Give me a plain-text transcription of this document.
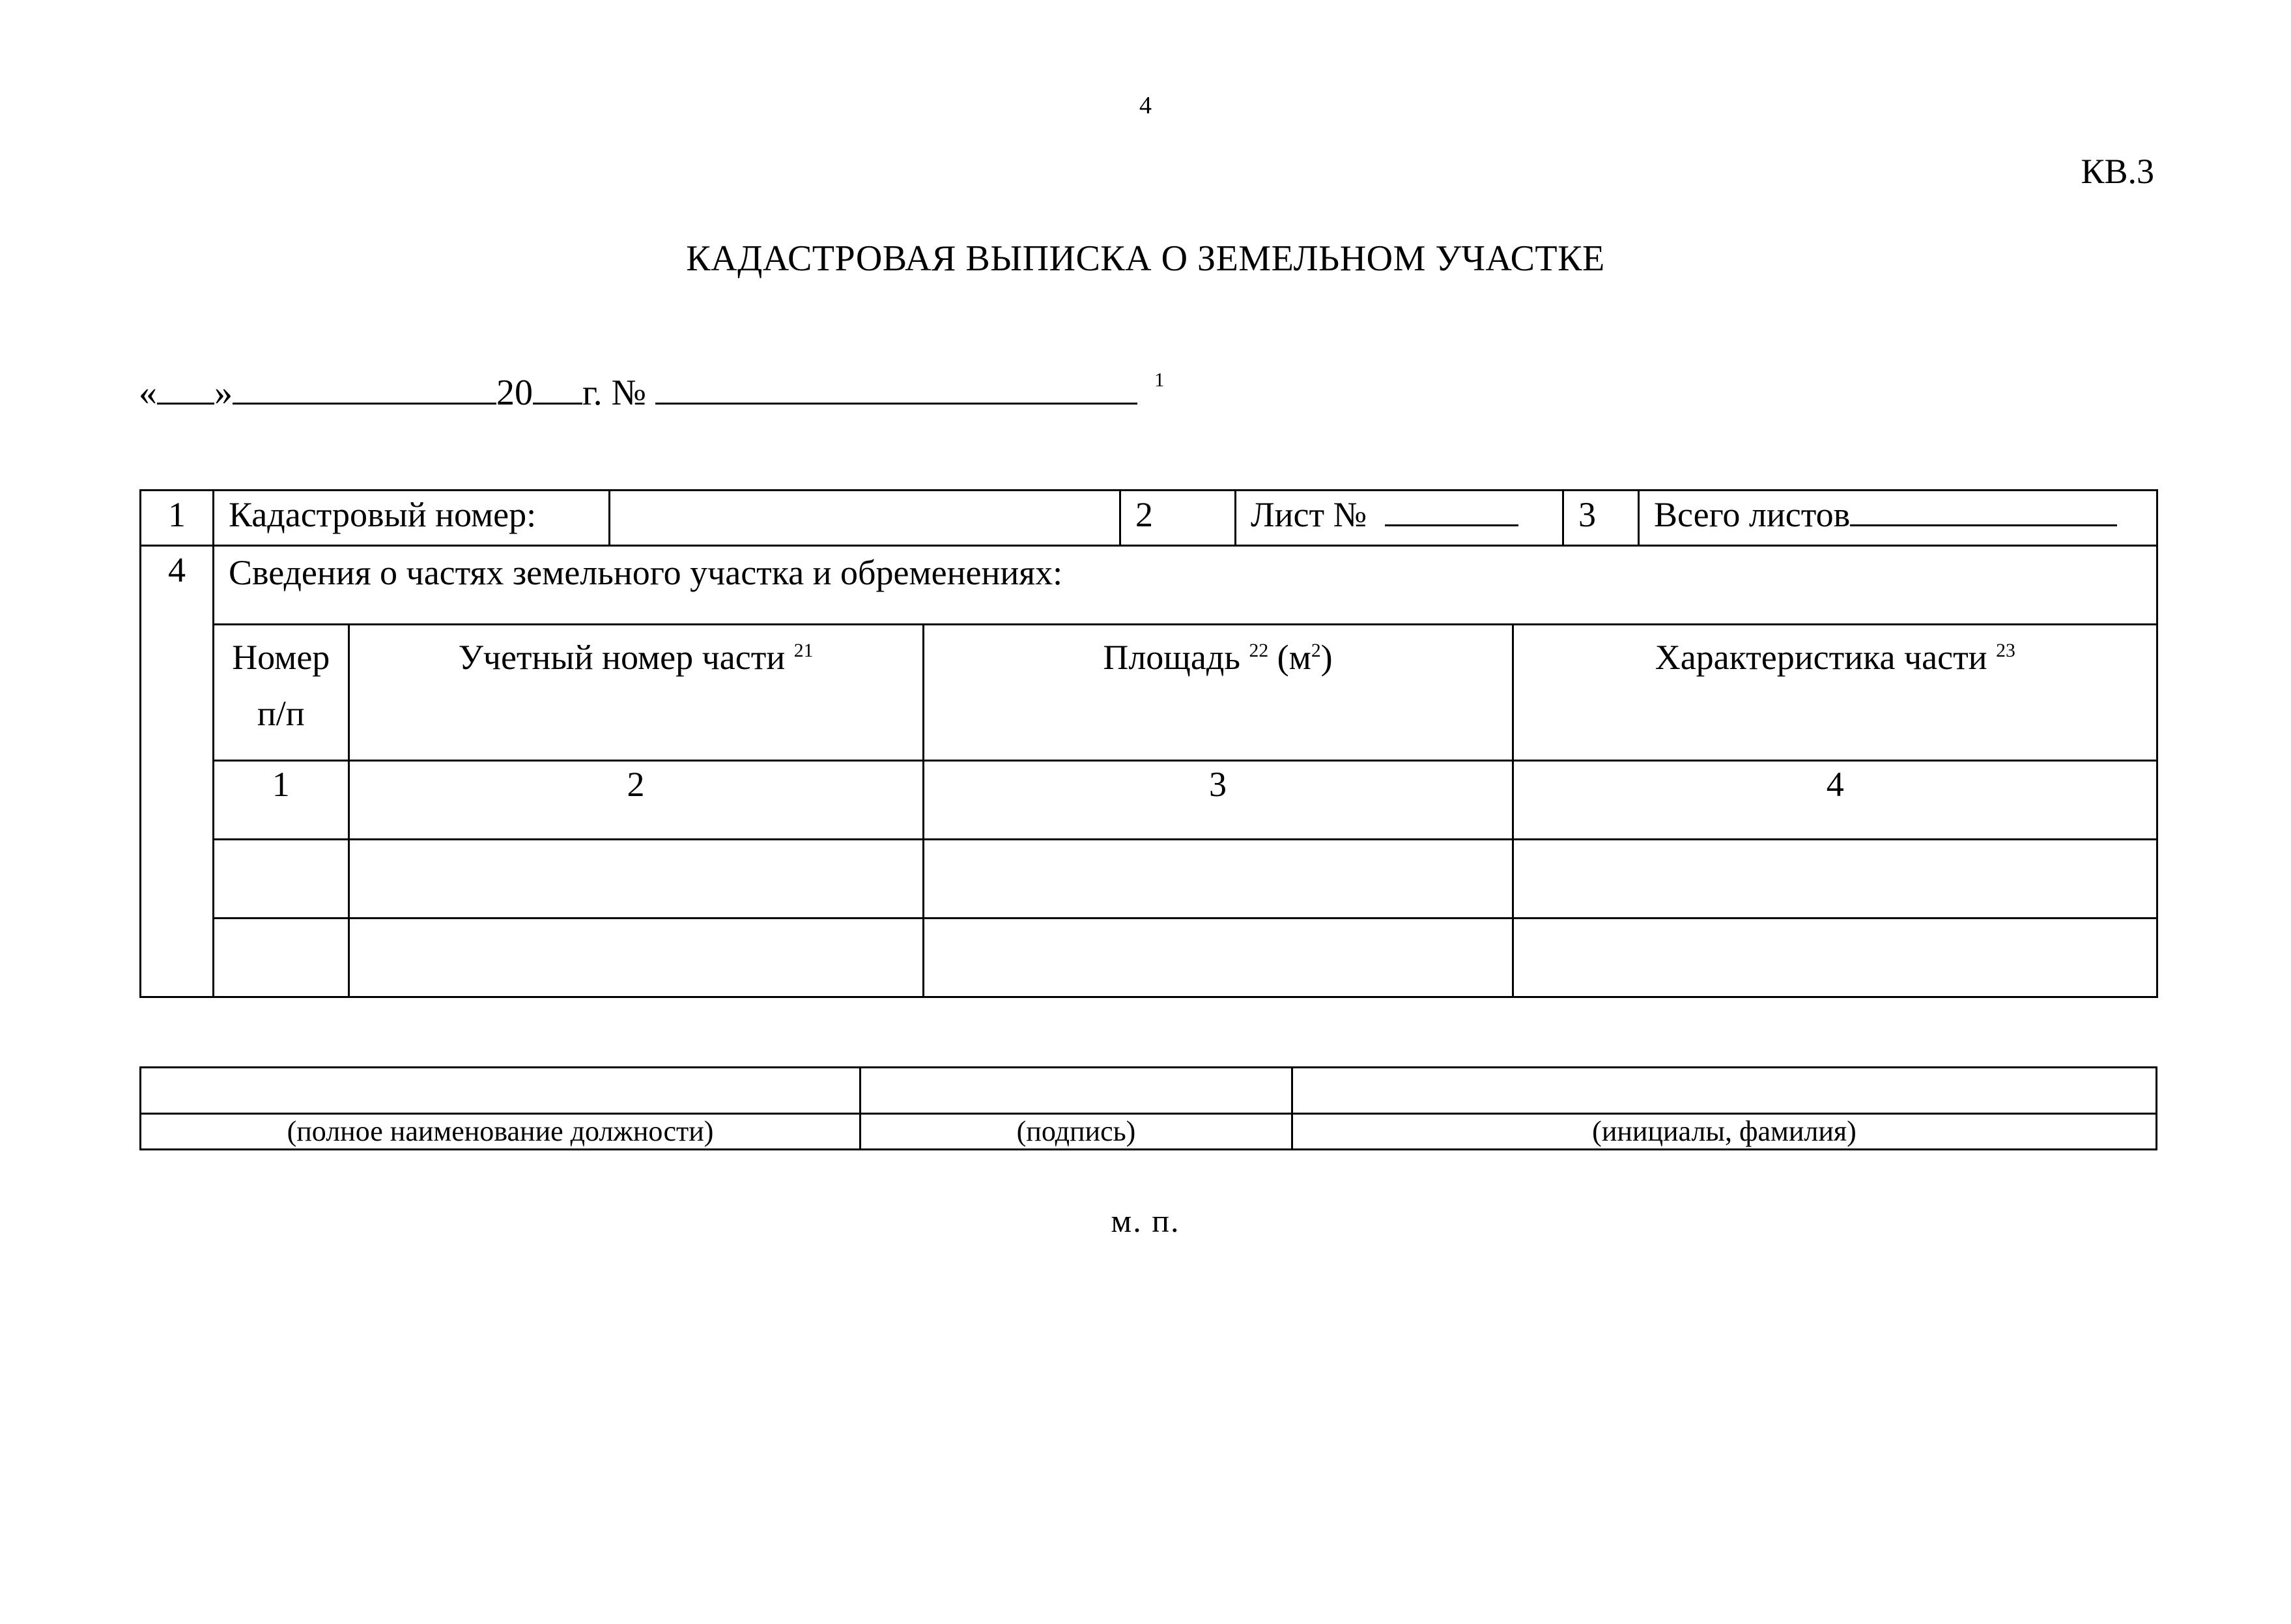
4
КВ.3
КАДАСТРОВАЯ ВЫПИСКА О ЗЕМЕЛЬНОМ УЧАСТКЕ
« »	20 г. №	$^1$
1	Кадастровый номер:		2	Лист №	3	Всего листов
4	Сведения о частях земельного участка и обременениях:
Номер
п/п	Учетный номер части $^{21}$	Площадь $^{22}$ $(м^2)$	Характеристика части $^{23}$
1	2	3	4

(полное наименование должности)	(подпись)	(инициалы, фамилия)
м. п.
